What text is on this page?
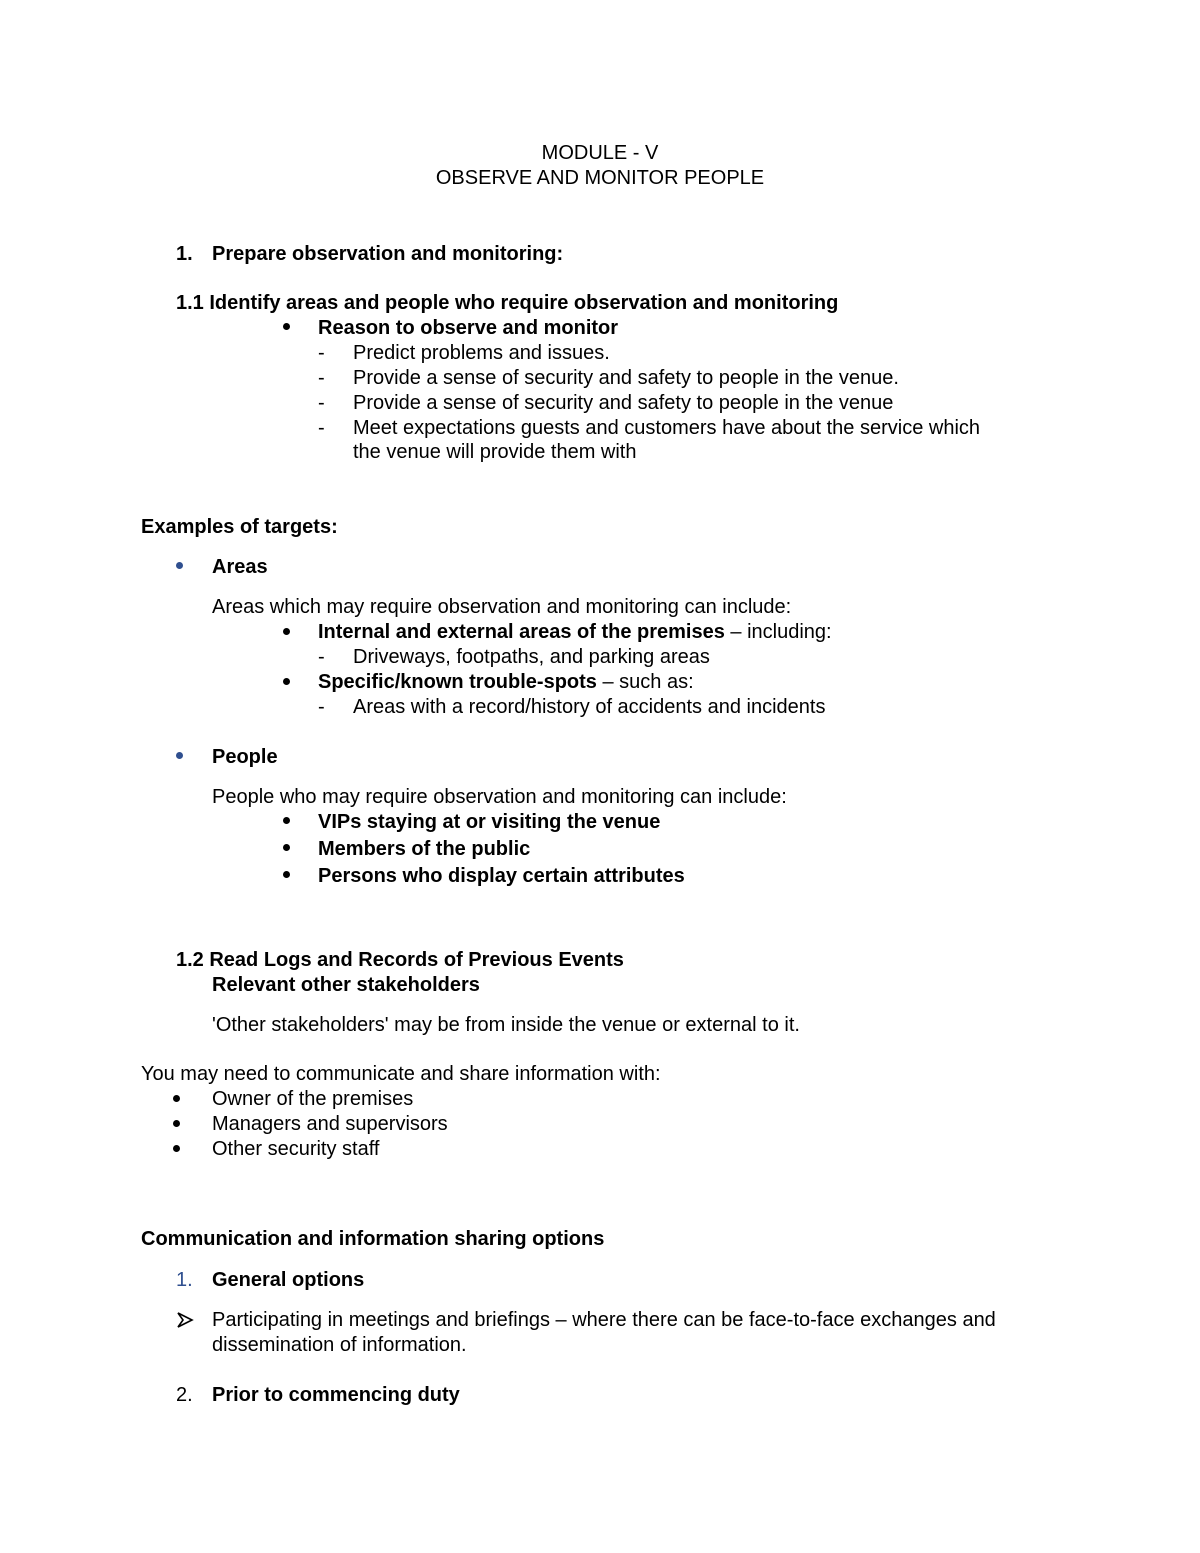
MODULE - V
OBSERVE AND MONITOR PEOPLE
1. Prepare observation and monitoring:
1.1 Identify areas and people who require observation and monitoring
Reason to observe and monitor
- Predict problems and issues.
- Provide a sense of security and safety to people in the venue.
- Provide a sense of security and safety to people in the venue
- Meet expectations guests and customers have about the service which
the venue will provide them with
Examples of targets:
Areas
Areas which may require observation and monitoring can include:
Internal and external areas of the premises – including:
- Driveways, footpaths, and parking areas
Specific/known trouble-spots – such as:
- Areas with a record/history of accidents and incidents
People
People who may require observation and monitoring can include:
VIPs staying at or visiting the venue
Members of the public
Persons who display certain attributes
1.2 Read Logs and Records of Previous Events
Relevant other stakeholders
'Other stakeholders' may be from inside the venue or external to it.
You may need to communicate and share information with:
Owner of the premises
Managers and supervisors
Other security staff
Communication and information sharing options
1. General options
Participating in meetings and briefings – where there can be face-to-face exchanges and
dissemination of information.
2. Prior to commencing duty
